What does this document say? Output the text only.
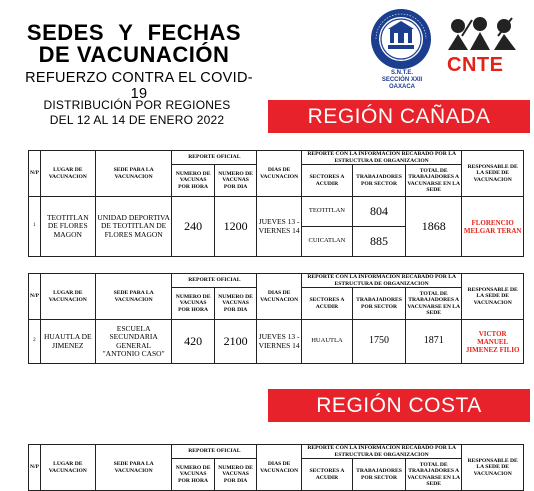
SEDES Y FECHAS
DE VACUNACIÓN
REFUERZO CONTRA EL COVID-19
DISTRIBUCIÓN POR REGIONES
DEL 12 AL 14 DE ENERO 2022
S.N.T.E.
SECCIÓN XXII
OAXACA
CNTE
REGIÓN CAÑADA
REGIÓN COSTA
N/P	LUGAR DE VACUNACION	SEDE PARA LA VACUNACION	REPORTE OFICIAL		DIAS DE VACUNACION	REPORTE CON LA INFORMACION RECABADO POR LA ESTRUCTURA DE ORGANIZACION			RESPONSABLE DE LA SEDE DE VACUNACION
			NUMERO DE VACUNAS POR HORA	NUMERO DE VACUNAS POR DIA		SECTORES A ACUDIR	TRABAJADORES POR SECTOR	TOTAL DE TRABAJADORES A VACUNARSE EN LA SEDE	
1	TEOTITLAN DE FLORES MAGON	UNIDAD DEPORTIVA DE TEOTITLAN DE FLORES MAGON	240	1200	JUEVES 13 - VIERNES 14	TEOTITLAN	804	1868	FLORENCIO MELGAR TERAN
						CUICATLAN	885		
N/P	LUGAR DE VACUNACION	SEDE PARA LA VACUNACION	REPORTE OFICIAL		DIAS DE VACUNACION	REPORTE CON LA INFORMACION RECABADO POR LA ESTRUCTURA DE ORGANIZACION			RESPONSABLE DE LA SEDE DE VACUNACION
			NUMERO DE VACUNAS POR HORA	NUMERO DE VACUNAS POR DIA		SECTORES A ACUDIR	TRABAJADORES POR SECTOR	TOTAL DE TRABAJADORES A VACUNARSE EN LA SEDE	
2	HUAUTLA DE JIMENEZ	ESCUELA SECUNDARIA GENERAL "ANTONIO CASO"	420	2100	JUEVES 13 - VIERNES 14	HUAUTLA	1750	1871	VICTOR MANUEL JIMENEZ FILIO
N/P	LUGAR DE VACUNACION	SEDE PARA LA VACUNACION	REPORTE OFICIAL		DIAS DE VACUNACION	REPORTE CON LA INFORMACION RECABADO POR LA ESTRUCTURA DE ORGANIZACION			RESPONSABLE DE LA SEDE DE VACUNACION
			NUMERO DE VACUNAS POR HORA	NUMERO DE VACUNAS POR DIA		SECTORES A ACUDIR	TRABAJADORES POR SECTOR	TOTAL DE TRABAJADORES A VACUNARSE EN LA SEDE	
